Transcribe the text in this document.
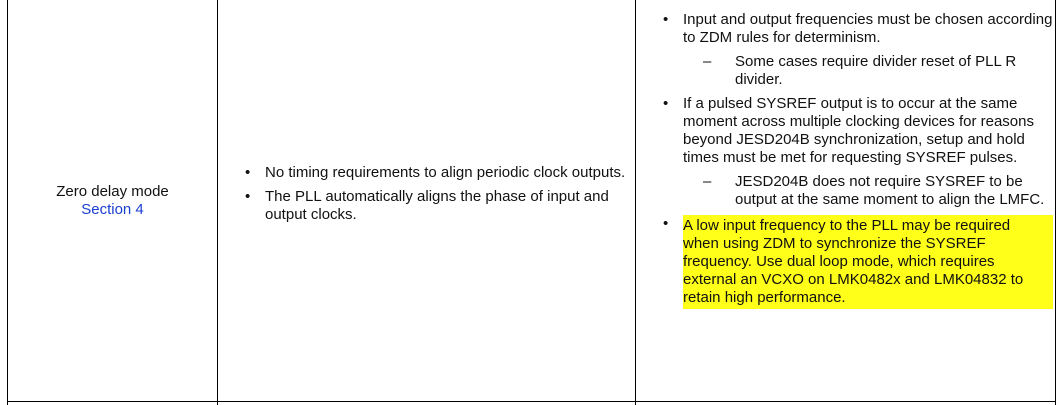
Zero delay mode
Section 4
• No timing requirements to align periodic clock outputs.
• The PLL automatically aligns the phase of input and output clocks.
• Input and output frequencies must be chosen according to ZDM rules for determinism.
– Some cases require divider reset of PLL R divider.
• If a pulsed SYSREF output is to occur at the same moment across multiple clocking devices for reasons beyond JESD204B synchronization, setup and hold times must be met for requesting SYSREF pulses.
– JESD204B does not require SYSREF to be output at the same moment to align the LMFC.
• A low input frequency to the PLL may be required when using ZDM to synchronize the SYSREF frequency. Use dual loop mode, which requires external an VCXO on LMK0482x and LMK04832 to retain high performance.
